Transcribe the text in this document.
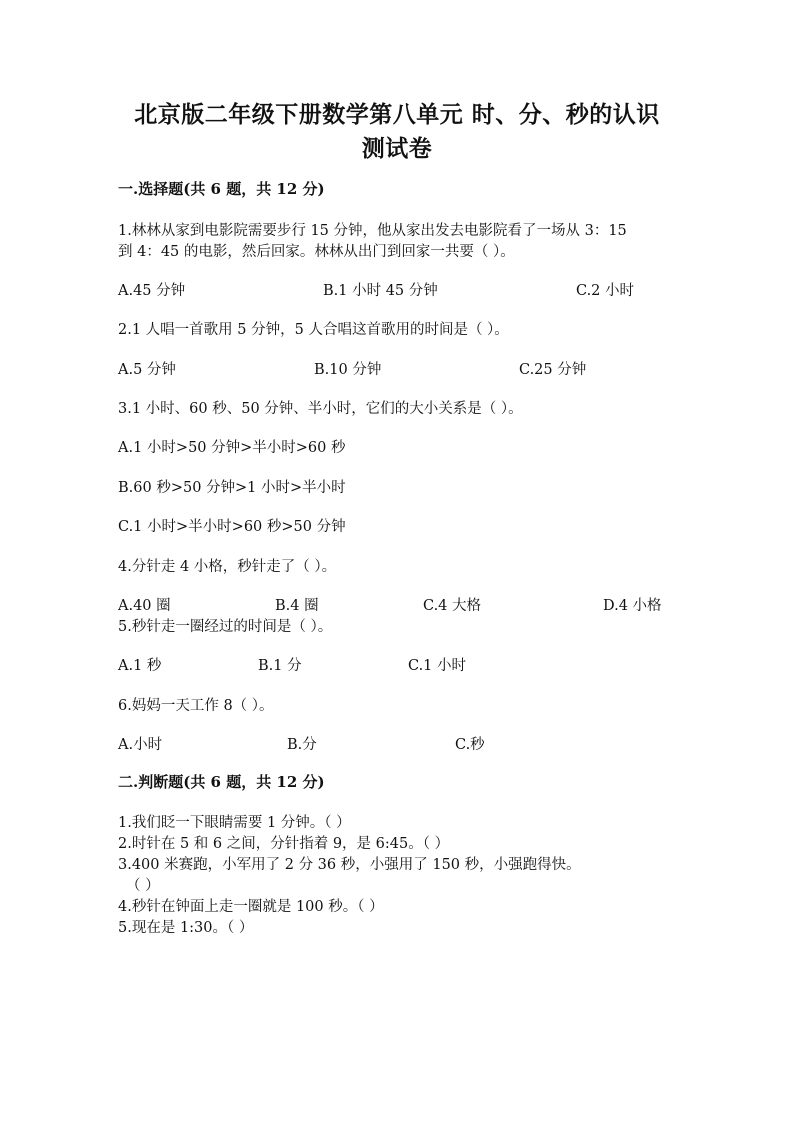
北京版二年级下册数学第八单元 时、分、秒的认识
测试卷
一.选择题(共 6 题，共 12 分)
1.林林从家到电影院需要步行 15 分钟，他从家出发去电影院看了一场从 3：15
到 4：45 的电影，然后回家。林林从出门到回家一共要（ ）。
A.45 分钟	B.1 小时 45 分钟	C.2 小时
2.1 人唱一首歌用 5 分钟，5 人合唱这首歌用的时间是（ ）。
A.5 分钟	B.10 分钟	C.25 分钟
3.1 小时、60 秒、50 分钟、半小时，它们的大小关系是（ ）。
A.1 小时>50 分钟>半小时>60 秒
B.60 秒>50 分钟>1 小时>半小时
C.1 小时>半小时>60 秒>50 分钟
4.分针走 4 小格，秒针走了（ ）。
A.40 圈	B.4 圈	C.4 大格	D.4 小格
5.秒针走一圈经过的时间是（ ）。
A.1 秒	B.1 分	C.1 小时
6.妈妈一天工作 8（ ）。
A.小时	B.分	C.秒
二.判断题(共 6 题，共 12 分)
1.我们眨一下眼睛需要 1 分钟。（ ）
2.时针在 5 和 6 之间，分针指着 9，是 6:45。（ ）
3.400 米赛跑，小军用了 2 分 36 秒，小强用了 150 秒，小强跑得快。
（ ）
4.秒针在钟面上走一圈就是 100 秒。（ ）
5.现在是 1:30。（ ）
